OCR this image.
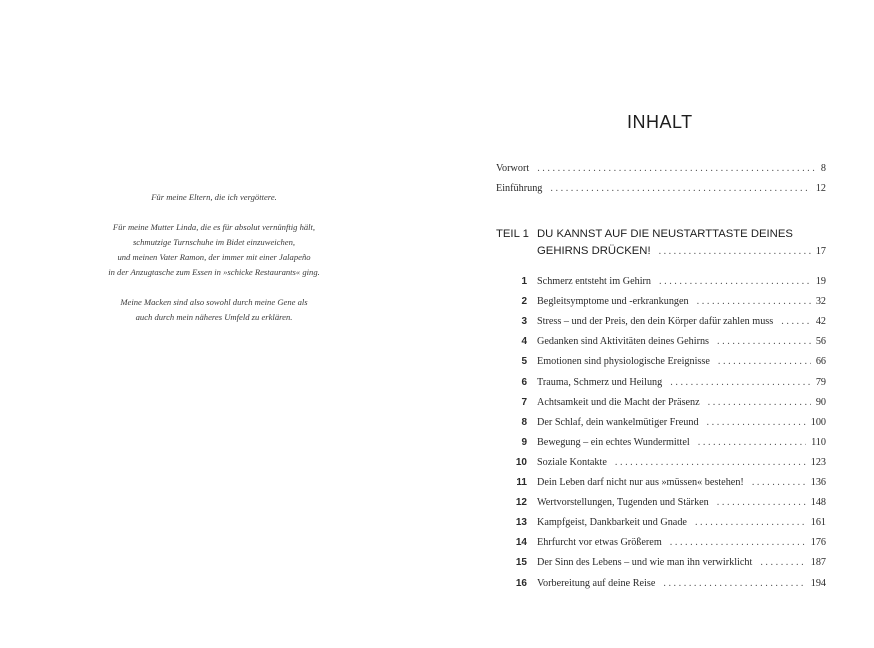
Für meine Eltern, die ich vergöttere.

Für meine Mutter Linda, die es für absolut vernünftig hält,
schmutzige Turnschuhe im Bidet einzuweichen,
und meinen Vater Ramon, der immer mit einer Jalapeño
in der Anzugtasche zum Essen in »schicke Restaurants« ging.

Meine Macken sind also sowohl durch meine Gene als
auch durch mein näheres Umfeld zu erklären.

INHALT
Vorwort . . .	8
Einführung . . .	12
TEIL 1 DU KANNST AUF DIE NEUSTARTTASTE DEINES
GEHIRNS DRÜCKEN! . . .	17
1 Schmerz entsteht im Gehirn . . .	19
2 Begleitsymptome und -erkrankungen . . .	32
3 Stress – und der Preis, den dein Körper dafür zahlen muss . . .	42
4 Gedanken sind Aktivitäten deines Gehirns . . .	56
5 Emotionen sind physiologische Ereignisse . . .	66
6 Trauma, Schmerz und Heilung . . .	79
7 Achtsamkeit und die Macht der Präsenz . . .	90
8 Der Schlaf, dein wankelmütiger Freund . . .	100
9 Bewegung – ein echtes Wundermittel . . .	110
10 Soziale Kontakte . . .	123
11 Dein Leben darf nicht nur aus »müssen« bestehen! . . .	136
12 Wertvorstellungen, Tugenden und Stärken . . .	148
13 Kampfgeist, Dankbarkeit und Gnade . . .	161
14 Ehrfurcht vor etwas Größerem . . .	176
15 Der Sinn des Lebens – und wie man ihn verwirklicht . . .	187
16 Vorbereitung auf deine Reise . . .	194
